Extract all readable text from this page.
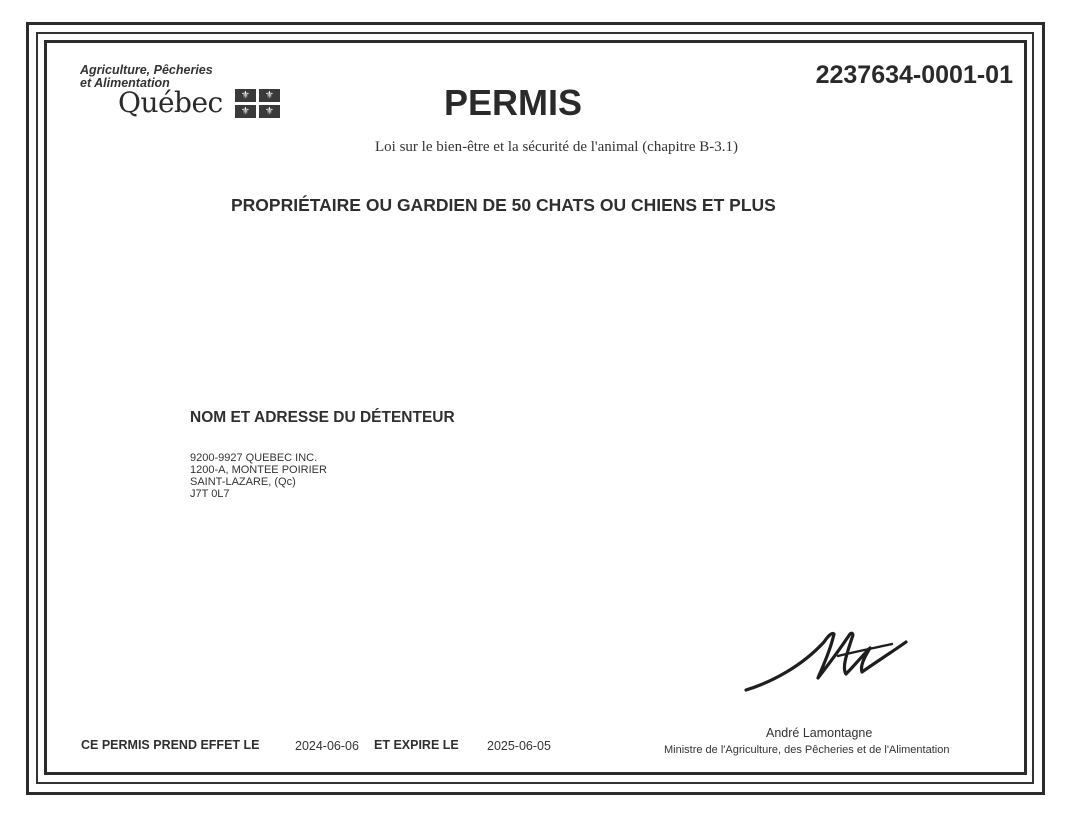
Agriculture, Pêcheries
et Alimentation
Québec	⚜	⚜
⚜	⚜	PERMIS
2237634-0001-01
Loi sur le bien-être et la sécurité de l'animal (chapitre B-3.1)
PROPRIÉTAIRE OU GARDIEN DE 50 CHATS OU CHIENS ET PLUS
NOM ET ADRESSE DU DÉTENTEUR
9200-9927 QUEBEC INC.
1200-A, MONTEE POIRIER
SAINT-LAZARE, (Qc)
J7T 0L7
André Lamontagne
Ministre de l'Agriculture, des Pêcheries et de l'Alimentation
CE PERMIS PREND EFFET LE	2024-06-06 ET EXPIRE LE 2025-06-05
